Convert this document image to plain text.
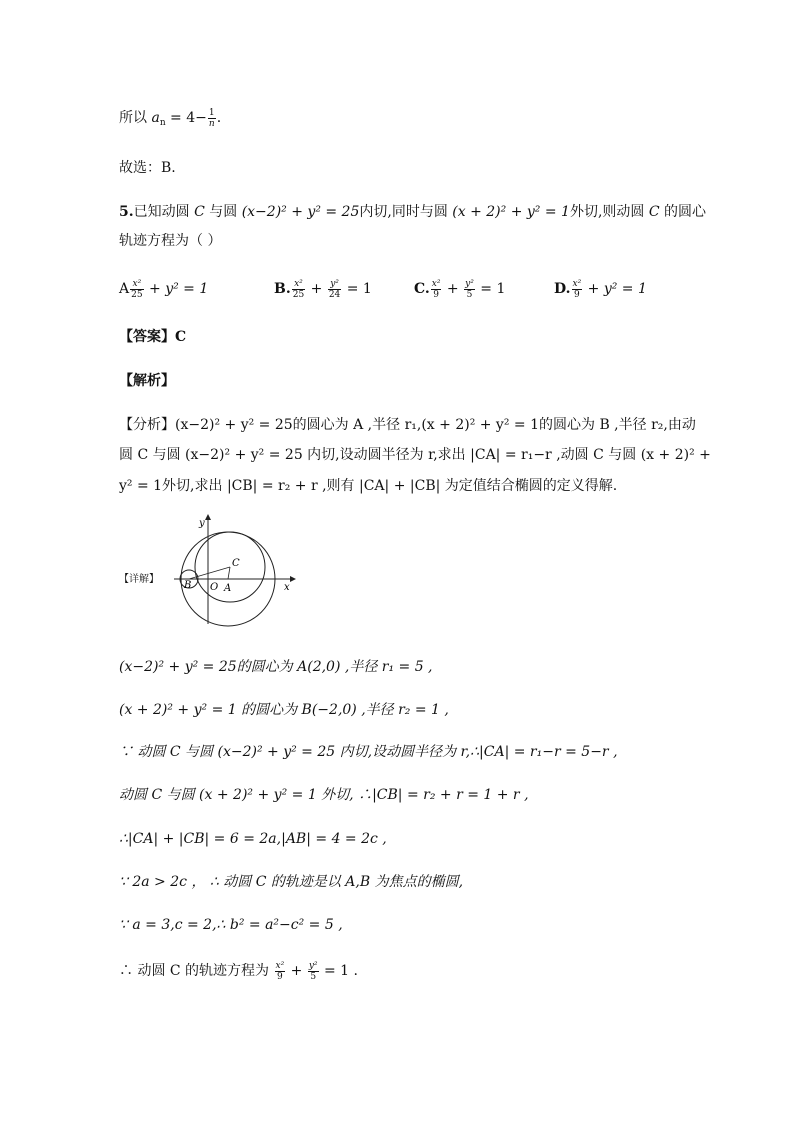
所以 $a_n = 4- \frac{1}{n}$ .
故选：B.
5.已知动圆 C 与圆 (x−2)² + y² = 25内切,同时与圆 (x + 2)² + y² = 1外切,则动圆 C 的圆心
轨迹方程为（ ）
A $\frac{\text{x²}}{25} + y^2 = 1$	B. $\frac{\text{x²}}{25} + \frac{\text{y²}}{24} = 1$	C. $\frac{\text{x²}}{9} + \frac{\text{y²}}{5} = 1$	D. $\frac{\text{x²}}{9} + y^2 = 1$
【答案】C
【解析】
【分析】(x−2)² + y² = 25的圆心为 A ,半径 r₁,(x + 2)² + y² = 1的圆心为 B ,半径 r₂,由动
圆 C 与圆 (x−2)² + y² = 25 内切,设动圆半径为 r,求出 |CA| = r₁−r ,动圆 C 与圆 (x + 2)² +
y² = 1外切,求出 |CB| = r₂ + r ,则有 |CA| + |CB| 为定值结合椭圆的定义得解.
【详解】
y
x
O A
B
C
(x−2)² + y² = 25的圆心为 A(2,0) ,半径 r₁ = 5 ,
(x + 2)² + y² = 1 的圆心为 B(−2,0) ,半径 r₂ = 1 ,
∵ 动圆 C 与圆 (x−2)² + y² = 25 内切,设动圆半径为 r,∴|CA| = r₁−r = 5−r ,
动圆 C 与圆 (x + 2)² + y² = 1 外切, ∴|CB| = r₂ + r = 1 + r ,
∴|CA| + |CB| = 6 = 2a,|AB| = 4 = 2c ,
∵ 2a > 2c ， ∴ 动圆 C 的轨迹是以 A,B 为焦点的椭圆,
∵ a = 3,c = 2,∴ b² = a²−c² = 5 ,
∴ 动圆 C 的轨迹方程为 $\frac{\text{x²}}{9} + \frac{\text{y²}}{5} = 1$ .
